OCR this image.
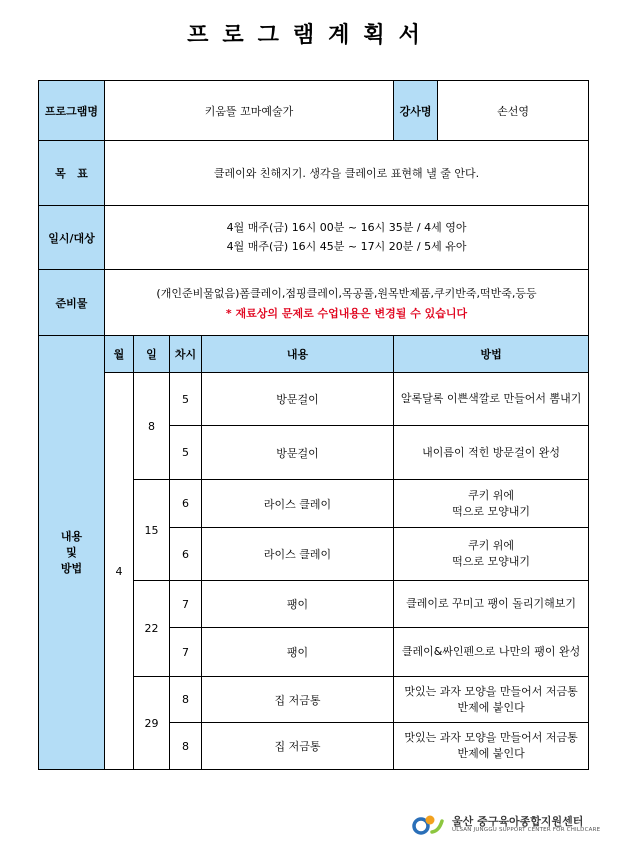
프로그램계획서
프로그램명	키움뜰 꼬마예술가				강사명	손선영
목   표	클레이와 친해지기. 생각을 클레이로 표현해 낼 줄 안다.					
일시/대상	4월 매주(금) 16시 00분 ~ 16시 35분 / 4세 영아
4월 매주(금) 16시 45분 ~ 17시 20분 / 5세 유아					

준비물	(개인준비물없음)폼클레이,점핑클레이,목공풀,원목반제품,쿠키반죽,떡반죽,등등
* 재료상의 문제로 수업내용은 변경될 수 있습니다					

내용
및
방법	월	일	차시	내용	방법	
	4	8	5	방문걸이	알록달록 이쁜색깔로 만들어서 뽐내기	

			5	방문걸이	내이름이 적힌 방문걸이 완성	

		15	6	라이스 클레이	쿠키 위에
떡으로 모양내기	

			6	라이스 클레이	쿠키 위에
떡으로 모양내기	

		22	7	팽이	클레이로 꾸미고 팽이 돌리기해보기	

			7	팽이	클레이&싸인펜으로 나만의 팽이 완성	

		29	8	집 저금통	맛있는 과자 모양을 만들어서 저금통
반제에 붙인다	

			8	집 저금통	맛있는 과자 모양을 만들어서 저금통
반제에 붙인다	
울산 중구육아종합지원센터
ULSAN JUNGGU SUPPORT CENTER FOR CHILDCARE
